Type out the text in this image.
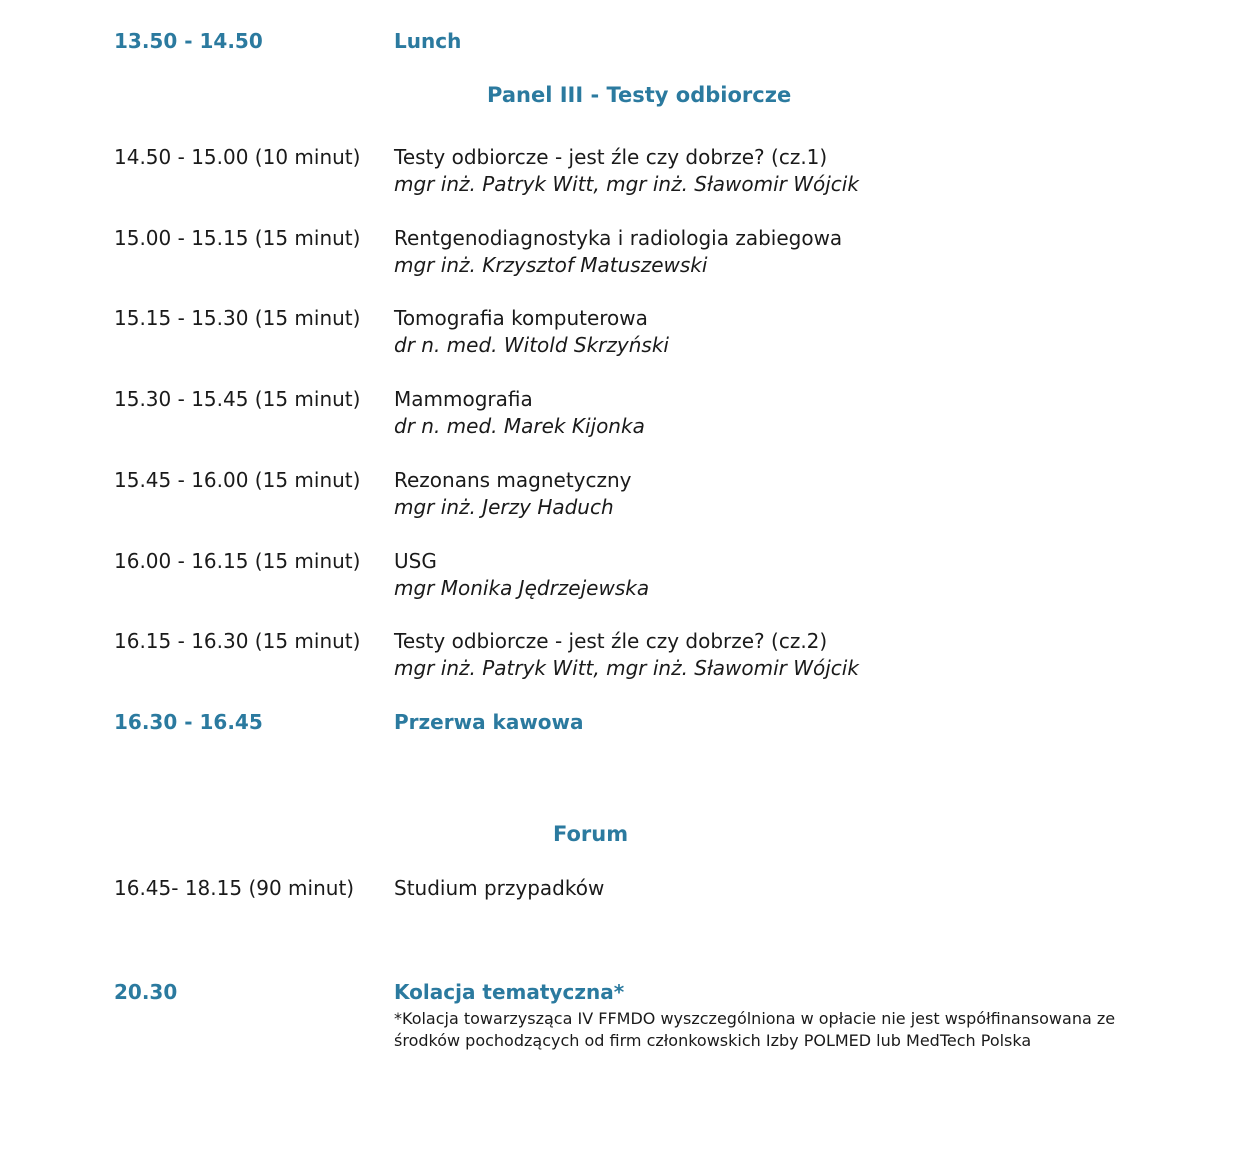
13.50 - 14.50	Lunch
Panel III - Testy odbiorcze
14.50 - 15.00 (10 minut) Testy odbiorcze - jest źle czy dobrze? (cz.1)
mgr inż. Patryk Witt, mgr inż. Sławomir Wójcik
15.00 - 15.15 (15 minut) Rentgenodiagnostyka i radiologia zabiegowa
mgr inż. Krzysztof Matuszewski
15.15 - 15.30 (15 minut) Tomografia komputerowa
dr n. med. Witold Skrzyński
15.30 - 15.45 (15 minut) Mammografia
dr n. med. Marek Kijonka
15.45 - 16.00 (15 minut) Rezonans magnetyczny
mgr inż. Jerzy Haduch
16.00 - 16.15 (15 minut) USG
mgr Monika Jędrzejewska
16.15 - 16.30 (15 minut) Testy odbiorcze - jest źle czy dobrze? (cz.2)
mgr inż. Patryk Witt, mgr inż. Sławomir Wójcik
16.30 - 16.45	Przerwa kawowa
Forum
16.45- 18.15 (90 minut) Studium przypadków
20.30	Kolacja tematyczna*
*Kolacja towarzysząca IV FFMDO wyszczególniona w opłacie nie jest współfinansowana ze środków pochodzących od firm członkowskich Izby POLMED lub MedTech Polska
